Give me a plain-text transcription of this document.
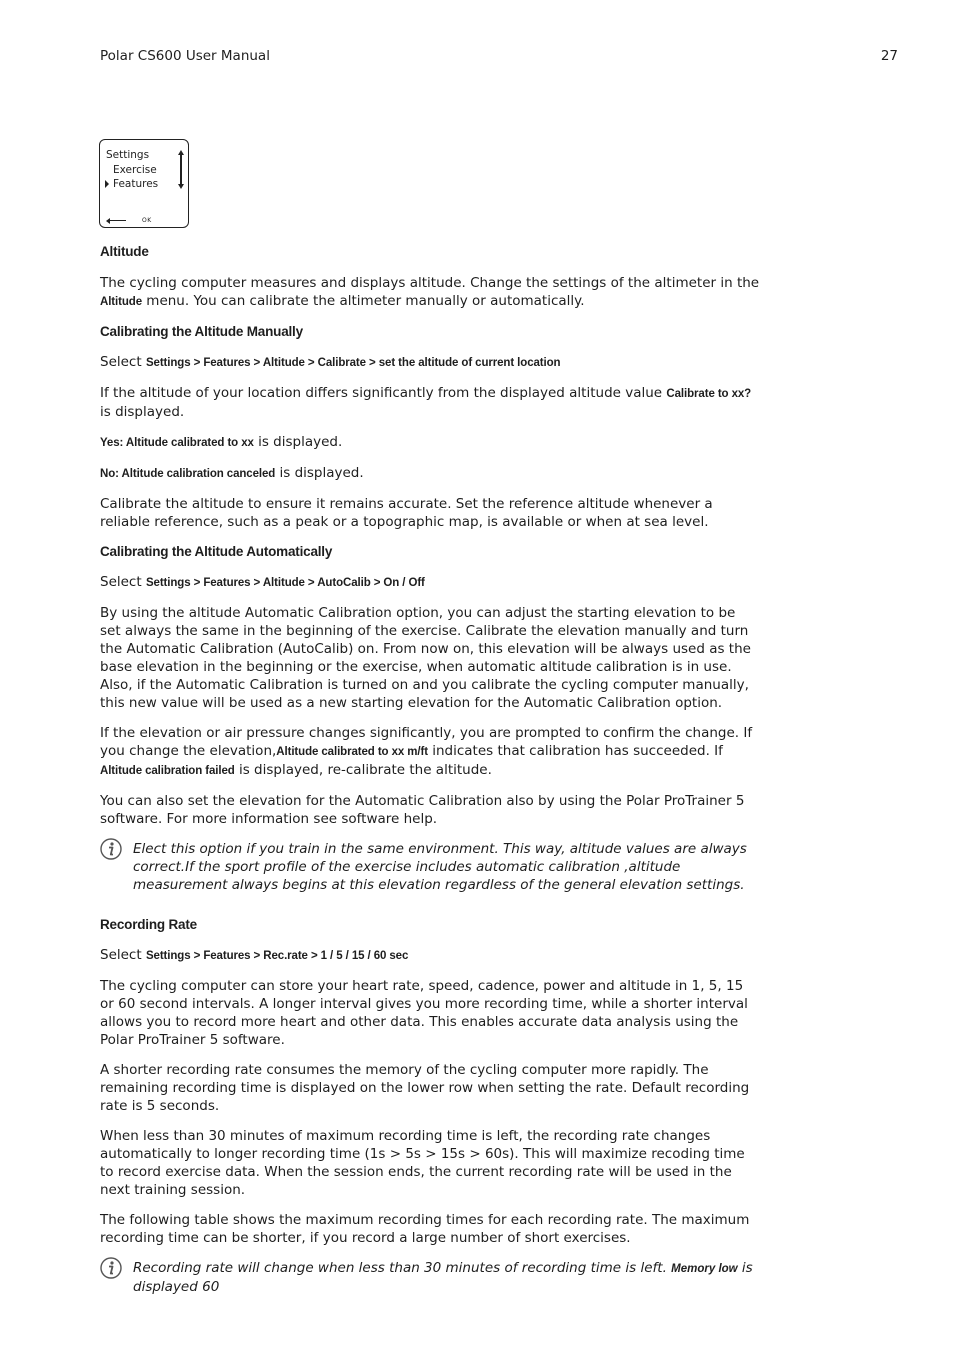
Polar CS600 User Manual	27
Settings
Exercise
Features
OK
Altitude

The cycling computer measures and displays altitude. Change the settings of the altimeter in the
Altitude menu. You can calibrate the altimeter manually or automatically.

Calibrating the Altitude Manually

Select Settings > Features > Altitude > Calibrate > set the altitude of current location

If the altitude of your location differs significantly from the displayed altitude value Calibrate to xx? is displayed.

Yes: Altitude calibrated to xx is displayed.

No: Altitude calibration canceled is displayed.

Calibrate the altitude to ensure it remains accurate. Set the reference altitude whenever a reliable reference, such as a peak or a topographic map, is available or when at sea level.

Calibrating the Altitude Automatically

Select Settings > Features > Altitude > AutoCalib > On / Off

By using the altitude Automatic Calibration option, you can adjust the starting elevation to be set always the same in the beginning of the exercise. Calibrate the elevation manually and turn the Automatic Calibration (AutoCalib) on. From now on, this elevation will be always used as the base elevation in the beginning or the exercise, when automatic altitude calibration is in use. Also, if the Automatic Calibration is turned on and you calibrate the cycling computer manually, this new value will be used as a new starting elevation for the Automatic Calibration option.

If the elevation or air pressure changes significantly, you are prompted to confirm the change. If you change the elevation,Altitude calibrated to xx m/ft indicates that calibration has succeeded. If Altitude calibration failed is displayed, re-calibrate the altitude.

You can also set the elevation for the Automatic Calibration also by using the Polar ProTrainer 5 software. For more information see software help.

Elect this option if you train in the same environment. This way, altitude values are always correct.If the sport profile of the exercise includes automatic calibration ,altitude measurement always begins at this elevation regardless of the general elevation settings.
Recording Rate

Select Settings > Features > Rec.rate > 1 / 5 / 15 / 60 sec

The cycling computer can store your heart rate, speed, cadence, power and altitude in 1, 5, 15 or 60 second intervals. A longer interval gives you more recording time, while a shorter interval allows you to record more heart and other data. This enables accurate data analysis using the Polar ProTrainer 5 software.

A shorter recording rate consumes the memory of the cycling computer more rapidly. The remaining recording time is displayed on the lower row when setting the rate. Default recording rate is 5 seconds.

When less than 30 minutes of maximum recording time is left, the recording rate changes automatically to longer recording time (1s > 5s > 15s > 60s). This will maximize recoding time to record exercise data. When the session ends, the current recording rate will be used in the next training session.

The following table shows the maximum recording times for each recording rate. The maximum recording time can be shorter, if you record a large number of short exercises.

Recording rate will change when less than 30 minutes of recording time is left. Memory low is displayed 60
